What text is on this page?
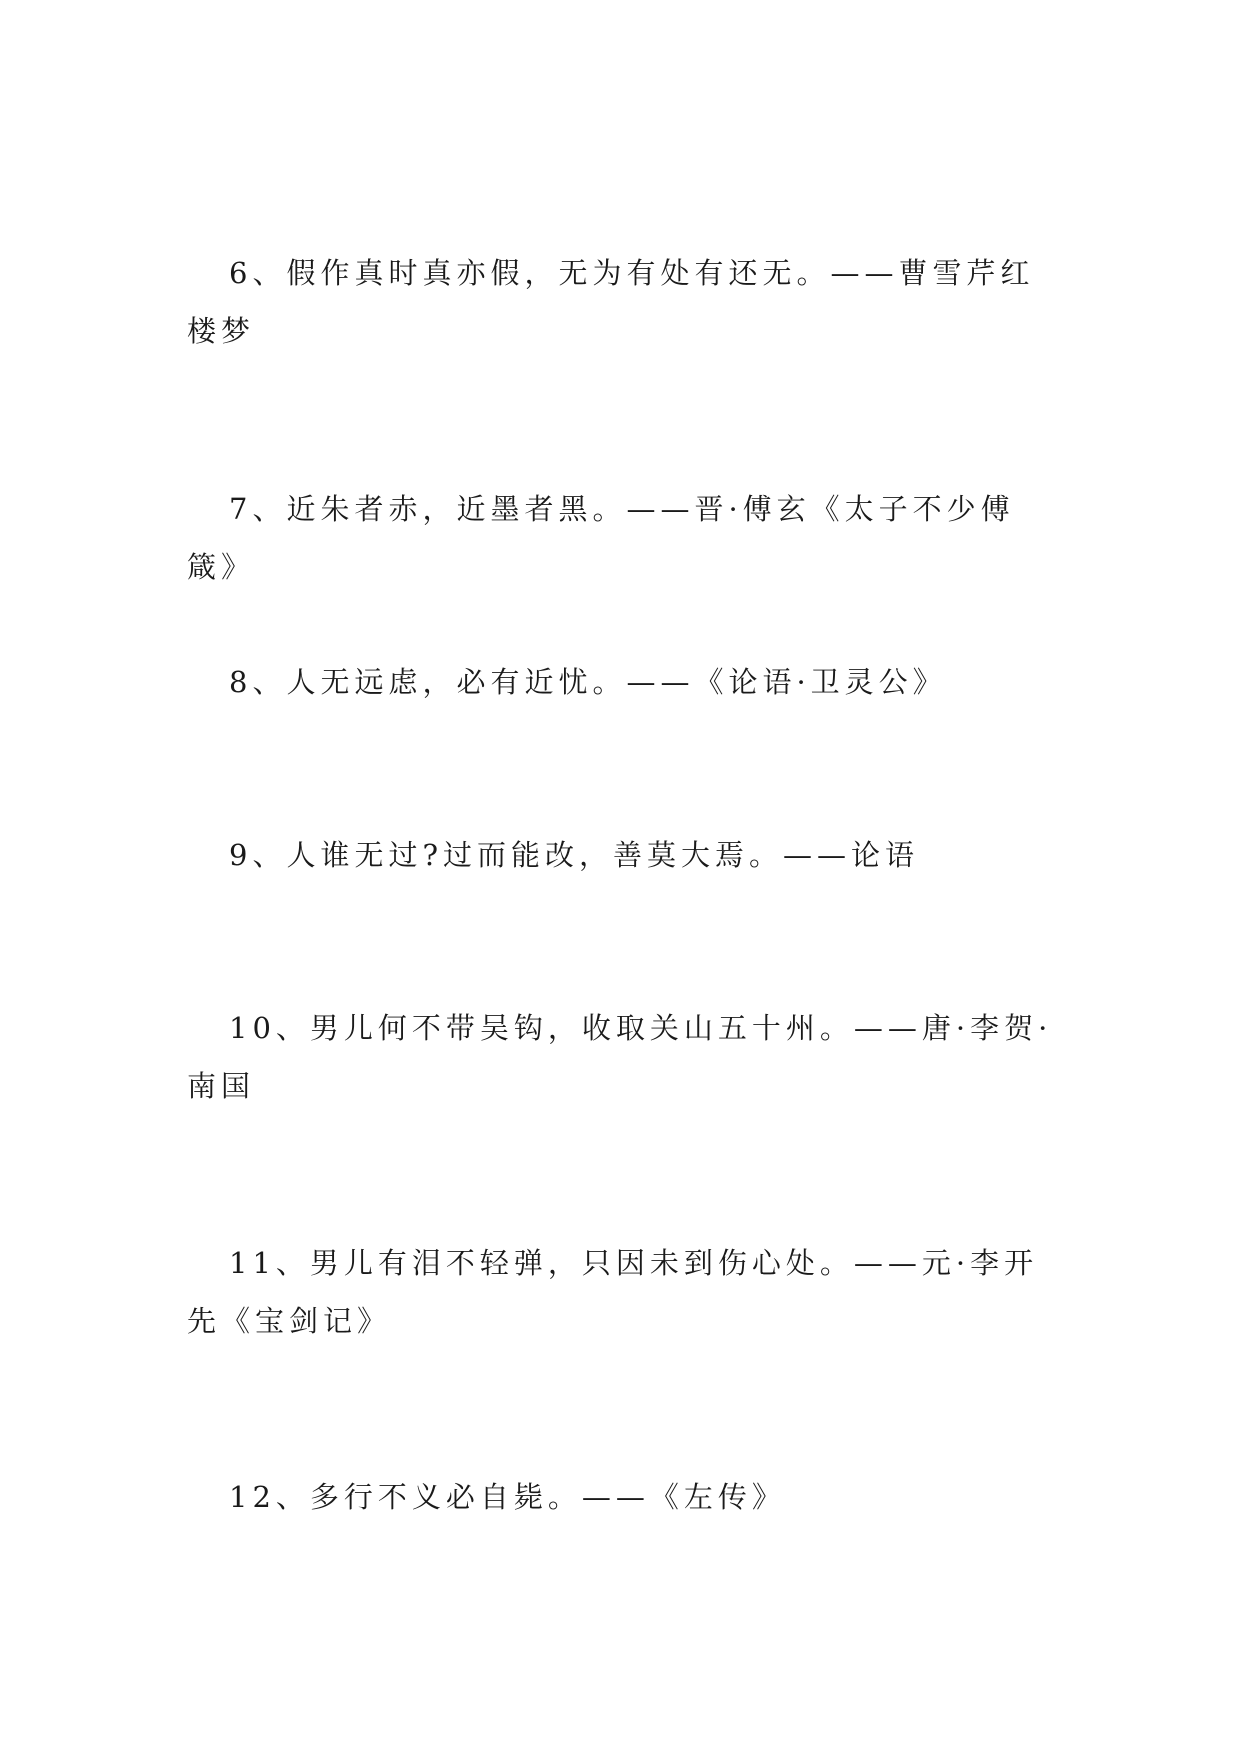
6、假作真时真亦假，无为有处有还无。——曹雪芹红楼梦

7、近朱者赤，近墨者黑。——晋·傅玄《太子不少傅箴》

8、人无远虑，必有近忧。——《论语·卫灵公》

9、人谁无过?过而能改，善莫大焉。——论语

10、男儿何不带吴钩，收取关山五十州。——唐·李贺·南国

11、男儿有泪不轻弹，只因未到伤心处。——元·李开先《宝剑记》

12、多行不义必自毙。——《左传》
